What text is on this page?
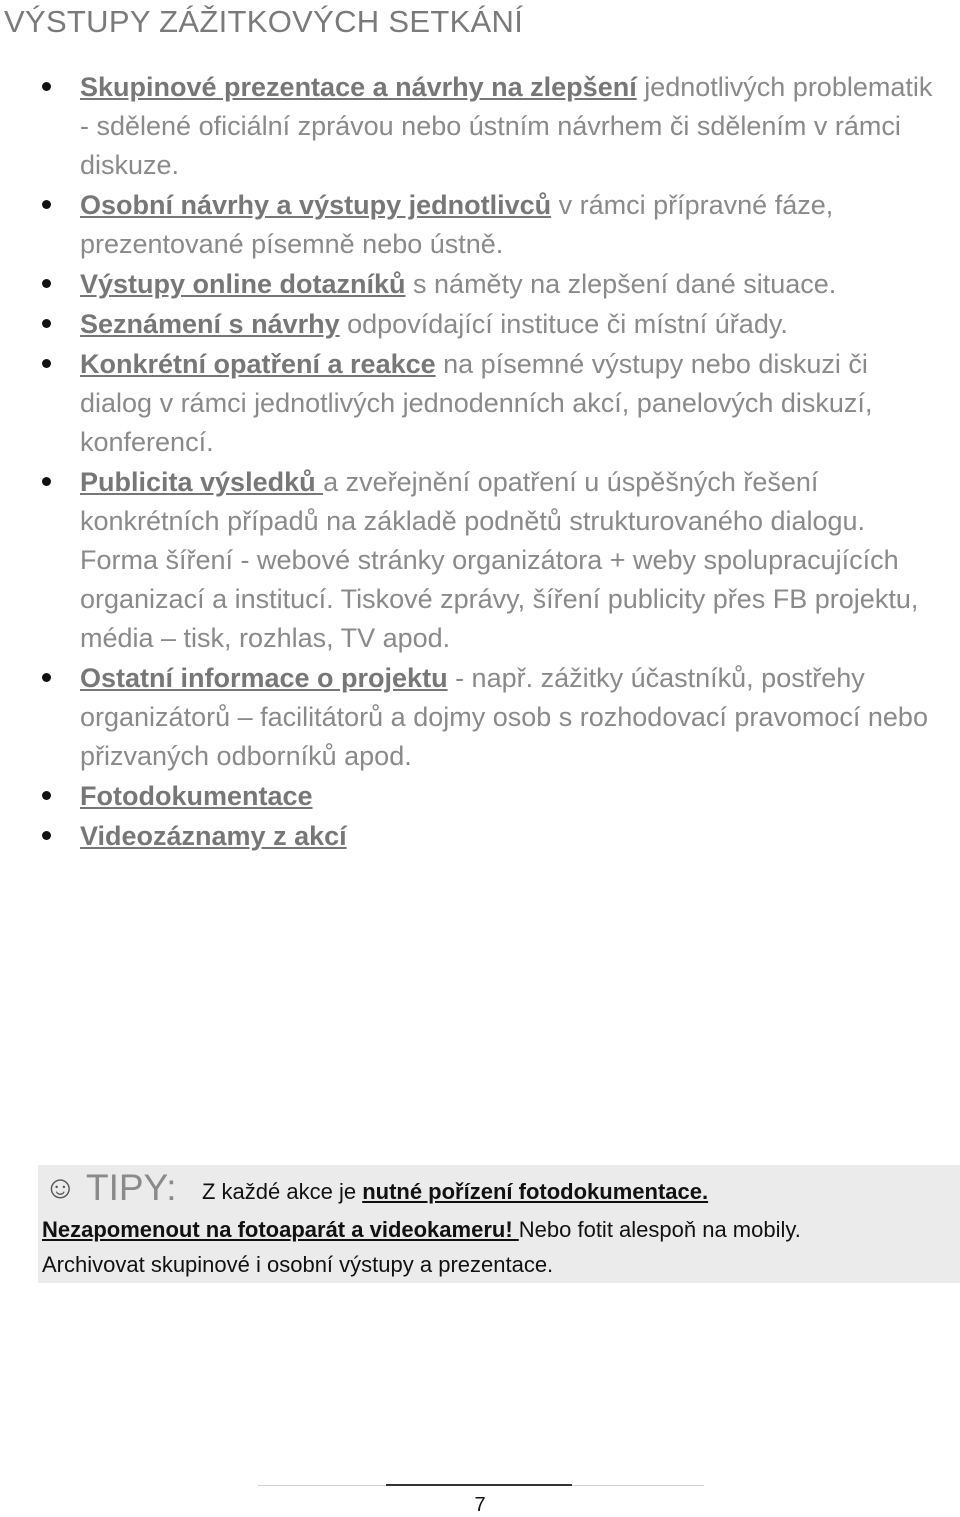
VÝSTUPY ZÁŽITKOVÝCH SETKÁNÍ
Skupinové prezentace a návrhy na zlepšení jednotlivých problematik - sdělené oficiální zprávou nebo ústním návrhem či sdělením v rámci diskuze.
Osobní návrhy a výstupy jednotlivců v rámci přípravné fáze, prezentované písemně nebo ústně.
Výstupy online dotazníků s náměty na zlepšení dané situace.
Seznámení s návrhy odpovídající instituce či místní úřady.
Konkrétní opatření a reakce na písemné výstupy nebo diskuzi či dialog v rámci jednotlivých jednodenních akcí, panelových diskuzí, konferencí.
Publicita výsledků a zveřejnění opatření u úspěšných řešení konkrétních případů na základě podnětů strukturovaného dialogu. Forma šíření - webové stránky organizátora + weby spolupracujících organizací a institucí. Tiskové zprávy, šíření publicity přes FB projektu, média – tisk, rozhlas, TV apod.
Ostatní informace o projektu - např. zážitky účastníků, postřehy organizátorů – facilitátorů a dojmy osob s rozhodovací pravomocí nebo přizvaných odborníků apod.
Fotodokumentace
Videozáznamy z akcí
☺ TIPY: Z každé akce je nutné pořízení fotodokumentace.
Nezapomenout na fotoaparát a videokameru! Nebo fotit alespoň na mobily.
Archivovat skupinové i osobní výstupy a prezentace.
7
